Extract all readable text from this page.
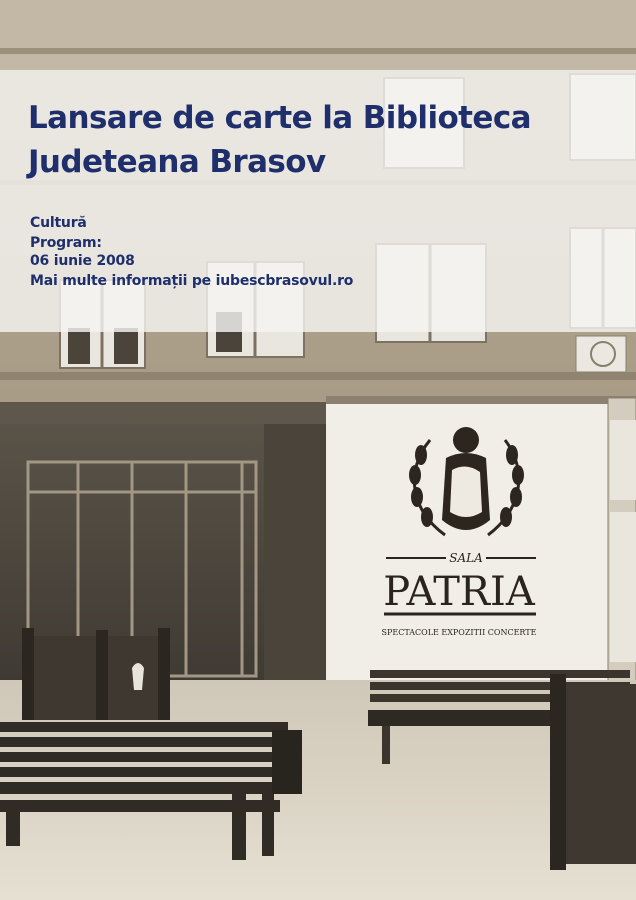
SALA
PATRIA
SPECTACOLE EXPOZITII CONCERTE
Lansare de carte la Biblioteca
Judeteana Brasov
Cultură
Program:
06 iunie 2008
Mai multe informații pe iubescbrasovul.ro
